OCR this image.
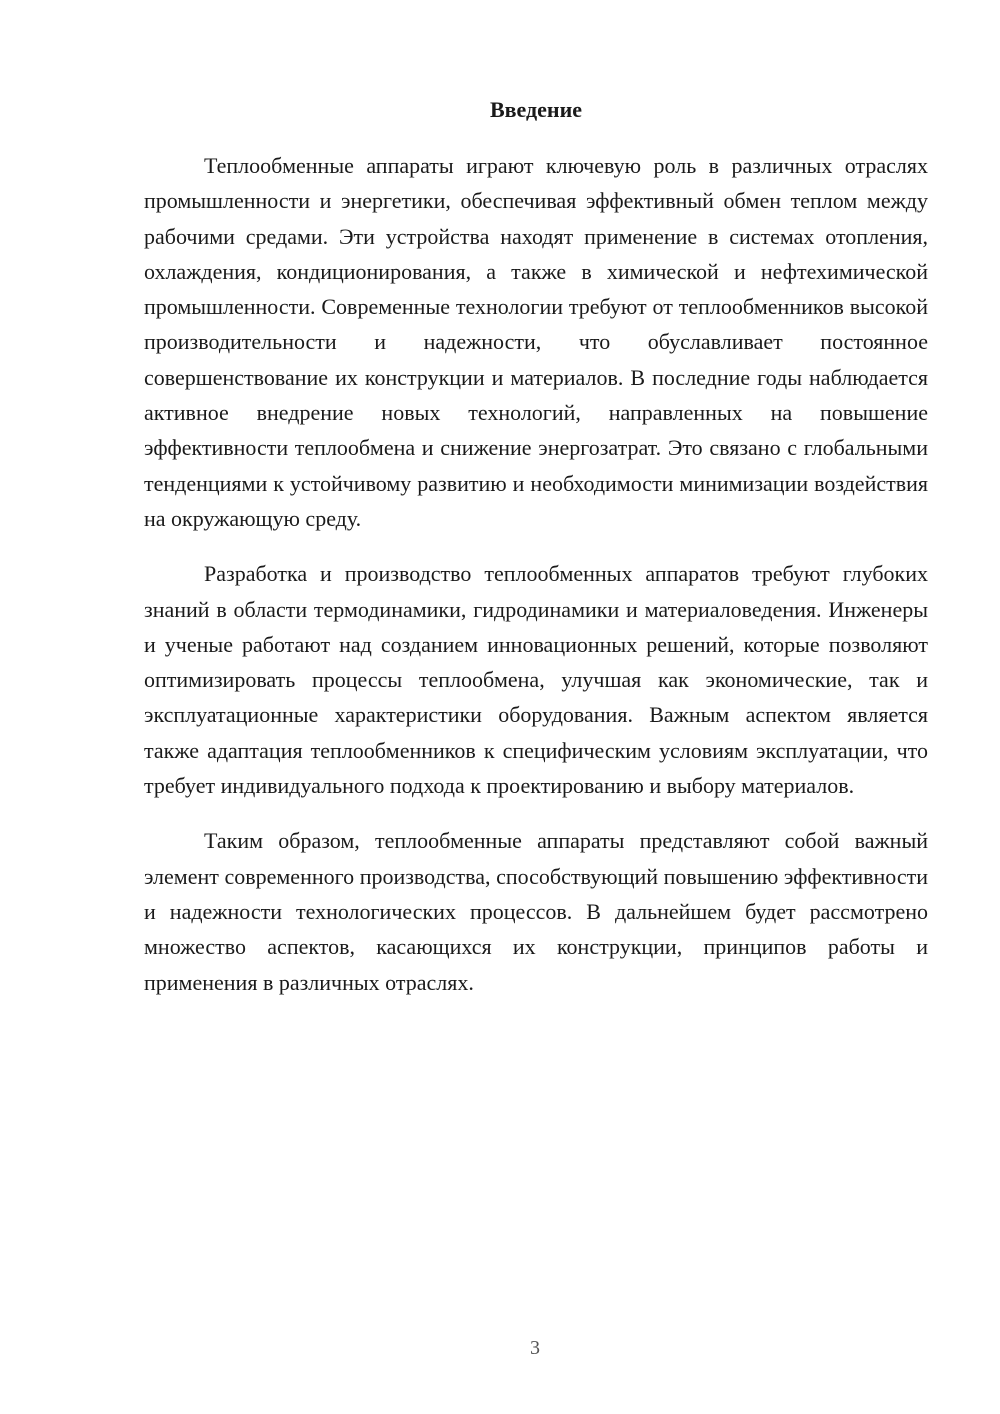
Введение

Теплообменные аппараты играют ключевую роль в различных отраслях промышленности и энергетики, обеспечивая эффективный обмен теплом между рабочими средами. Эти устройства находят применение в системах отопления, охлаждения, кондиционирования, а также в химической и нефтехимической промышленности. Современные технологии требуют от теплообменников высокой производительности и надежности, что обуславливает постоянное совершенствование их конструкции и материалов. В последние годы наблюдается активное внедрение новых технологий, направленных на повышение эффективности теплообмена и снижение энергозатрат. Это связано с глобальными тенденциями к устойчивому развитию и необходимости минимизации воздействия на окружающую среду.

Разработка и производство теплообменных аппаратов требуют глубоких знаний в области термодинамики, гидродинамики и материаловедения. Инженеры и ученые работают над созданием инновационных решений, которые позволяют оптимизировать процессы теплообмена, улучшая как экономические, так и эксплуатационные характеристики оборудования. Важным аспектом является также адаптация теплообменников к специфическим условиям эксплуатации, что требует индивидуального подхода к проектированию и выбору материалов.

Таким образом, теплообменные аппараты представляют собой важный элемент современного производства, способствующий повышению эффективности и надежности технологических процессов. В дальнейшем будет рассмотрено множество аспектов, касающихся их конструкции, принципов работы и применения в различных отраслях.

3
